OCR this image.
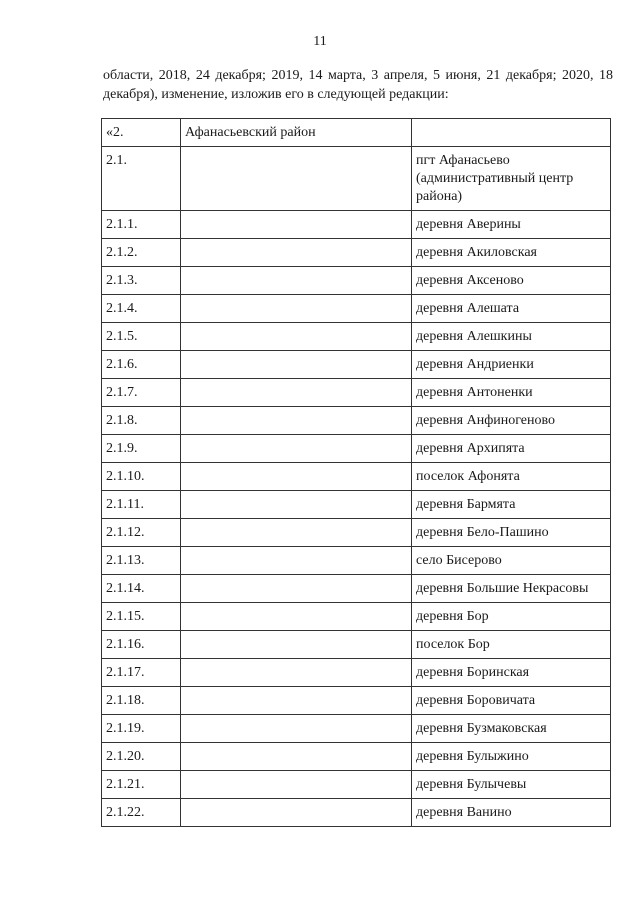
11
области, 2018, 24 декабря; 2019, 14 марта, 3 апреля, 5 июня, 21 декабря; 2020, 18 декабря), изменение, изложив его в следующей редакции:
«2.	Афанасьевский район	
2.1.		пгт Афанасьево (административный центр района)
2.1.1.		деревня Аверины
2.1.2.		деревня Акиловская
2.1.3.		деревня Аксеново
2.1.4.		деревня Алешата
2.1.5.		деревня Алешкины
2.1.6.		деревня Андриенки
2.1.7.		деревня Антоненки
2.1.8.		деревня Анфиногеново
2.1.9.		деревня Архипята
2.1.10.		поселок Афонята
2.1.11.		деревня Бармята
2.1.12.		деревня Бело-Пашино
2.1.13.		село Бисерово
2.1.14.		деревня Большие Некрасовы
2.1.15.		деревня Бор
2.1.16.		поселок Бор
2.1.17.		деревня Боринская
2.1.18.		деревня Боровичата
2.1.19.		деревня Бузмаковская
2.1.20.		деревня Булыжино
2.1.21.		деревня Булычевы
2.1.22.		деревня Ванино
